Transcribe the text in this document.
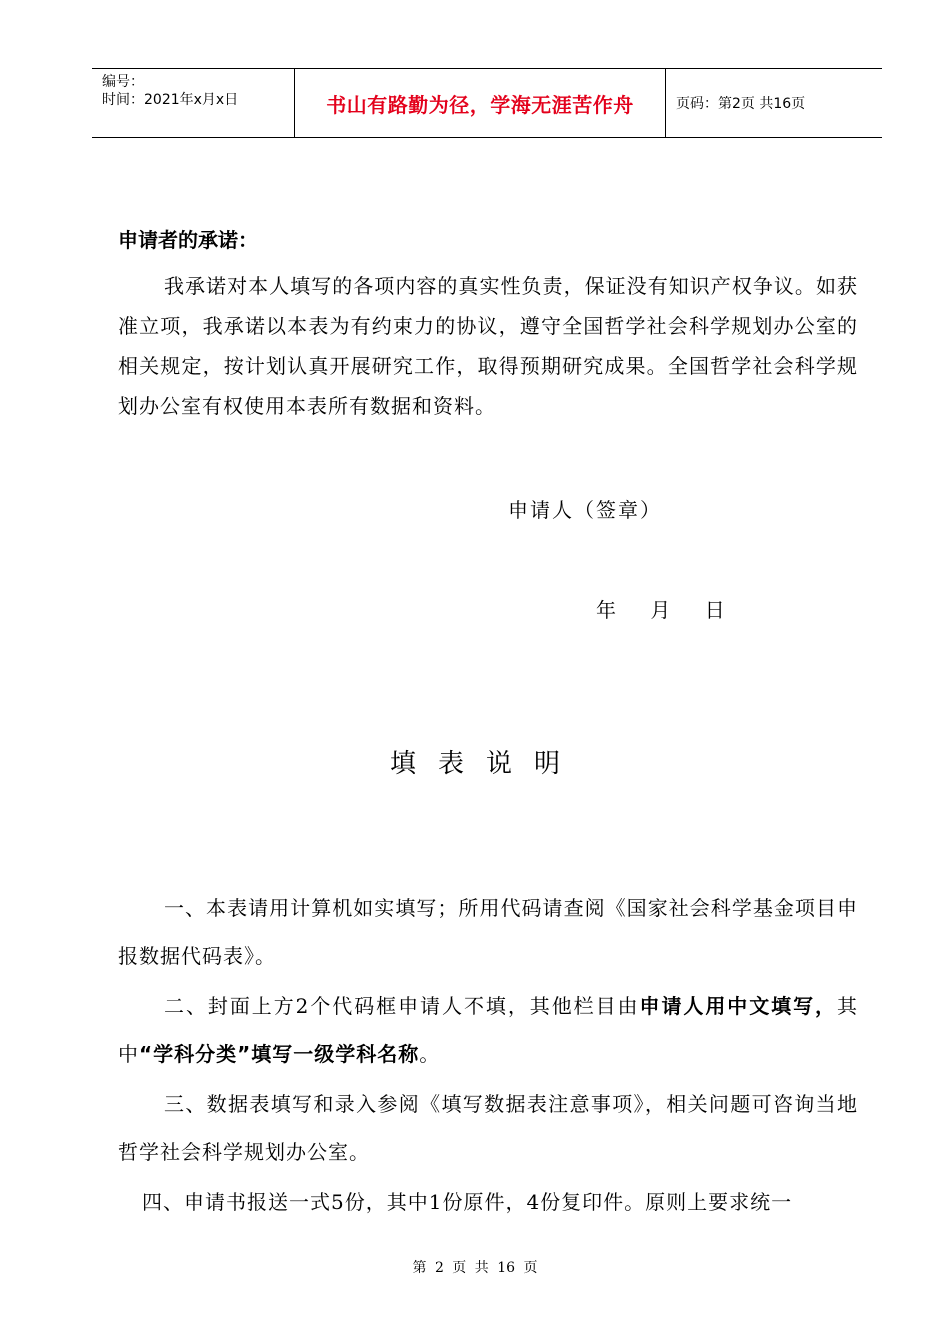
编号：
时间：2021年x月x日	书山有路勤为径，学海无涯苦作舟	页码：第2页 共16页
申请者的承诺：
我承诺对本人填写的各项内容的真实性负责，保证没有知识产权争议。如获准立项，我承诺以本表为有约束力的协议，遵守全国哲学社会科学规划办公室的相关规定，按计划认真开展研究工作，取得预期研究成果。全国哲学社会科学规划办公室有权使用本表所有数据和资料。
申请人（签章）
年 月 日
填表说明
一、本表请用计算机如实填写；所用代码请查阅《国家社会科学基金项目申报数据代码表》。
二、封面上方2个代码框申请人不填，其他栏目由申请人用中文填写，其中“学科分类”填写一级学科名称。
三、数据表填写和录入参阅《填写数据表注意事项》，相关问题可咨询当地哲学社会科学规划办公室。
四、申请书报送一式5份，其中1份原件，4份复印件。原则上要求统一
第 2 页 共 16 页
